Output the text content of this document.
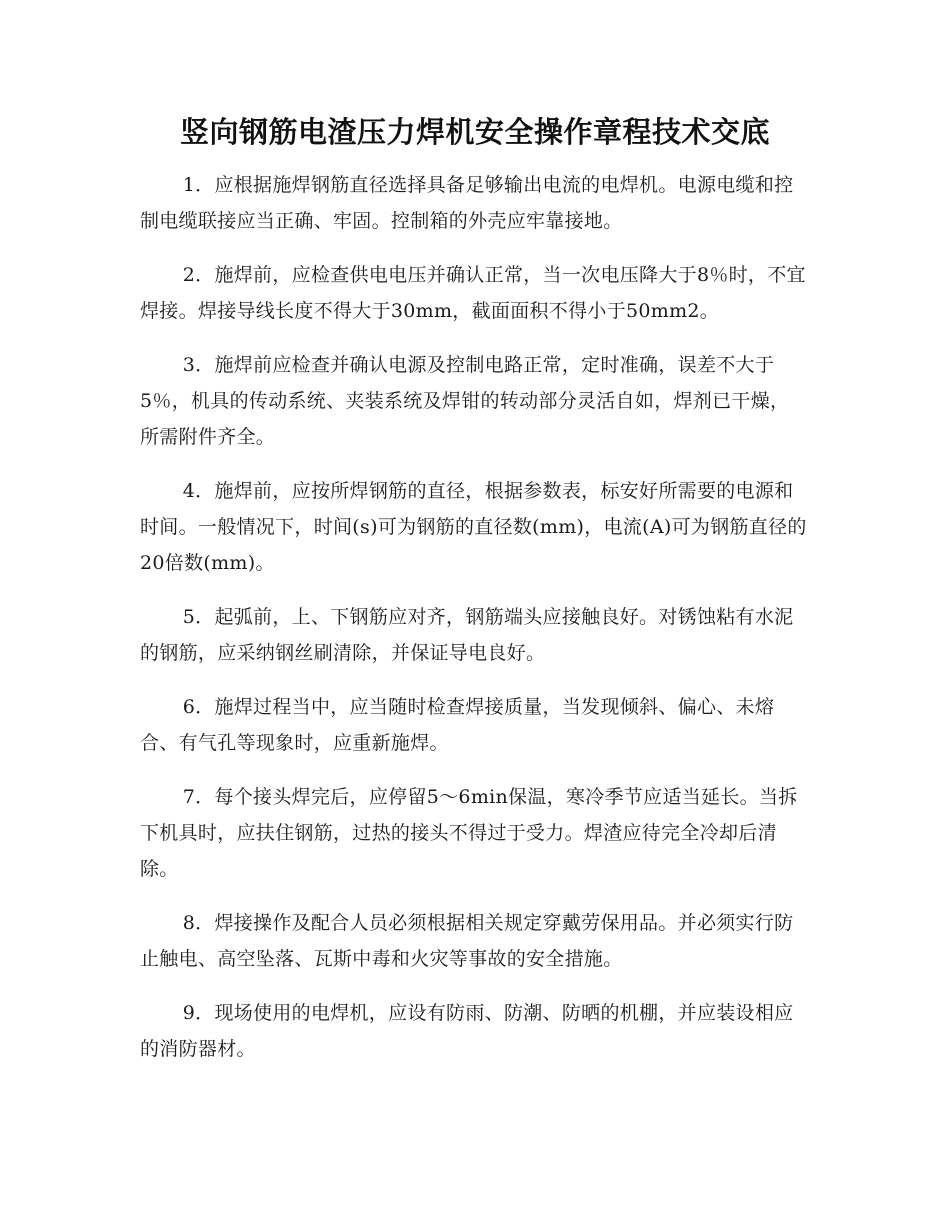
竖向钢筋电渣压力焊机安全操作章程技术交底

1．应根据施焊钢筋直径选择具备足够输出电流的电焊机。电源电缆和控制电缆联接应当正确、牢固。控制箱的外壳应牢靠接地。

2．施焊前，应检查供电电压并确认正常，当一次电压降大于8％时，不宜焊接。焊接导线长度不得大于30mm，截面面积不得小于50mm2。

3．施焊前应检查并确认电源及控制电路正常，定时准确，误差不大于5％，机具的传动系统、夹装系统及焊钳的转动部分灵活自如，焊剂已干燥，所需附件齐全。

4．施焊前，应按所焊钢筋的直径，根据参数表，标安好所需要的电源和时间。一般情况下，时间(s)可为钢筋的直径数(mm)，电流(A)可为钢筋直径的20倍数(mm)。

5．起弧前，上、下钢筋应对齐，钢筋端头应接触良好。对锈蚀粘有水泥的钢筋，应采纳钢丝刷清除，并保证导电良好。

6．施焊过程当中，应当随时检查焊接质量，当发现倾斜、偏心、未熔合、有气孔等现象时，应重新施焊。

7．每个接头焊完后，应停留5～6min保温，寒冷季节应适当延长。当拆下机具时，应扶住钢筋，过热的接头不得过于受力。焊渣应待完全冷却后清除。

8．焊接操作及配合人员必须根据相关规定穿戴劳保用品。并必须实行防止触电、高空坠落、瓦斯中毒和火灾等事故的安全措施。

9．现场使用的电焊机，应设有防雨、防潮、防晒的机棚，并应装设相应的消防器材。
